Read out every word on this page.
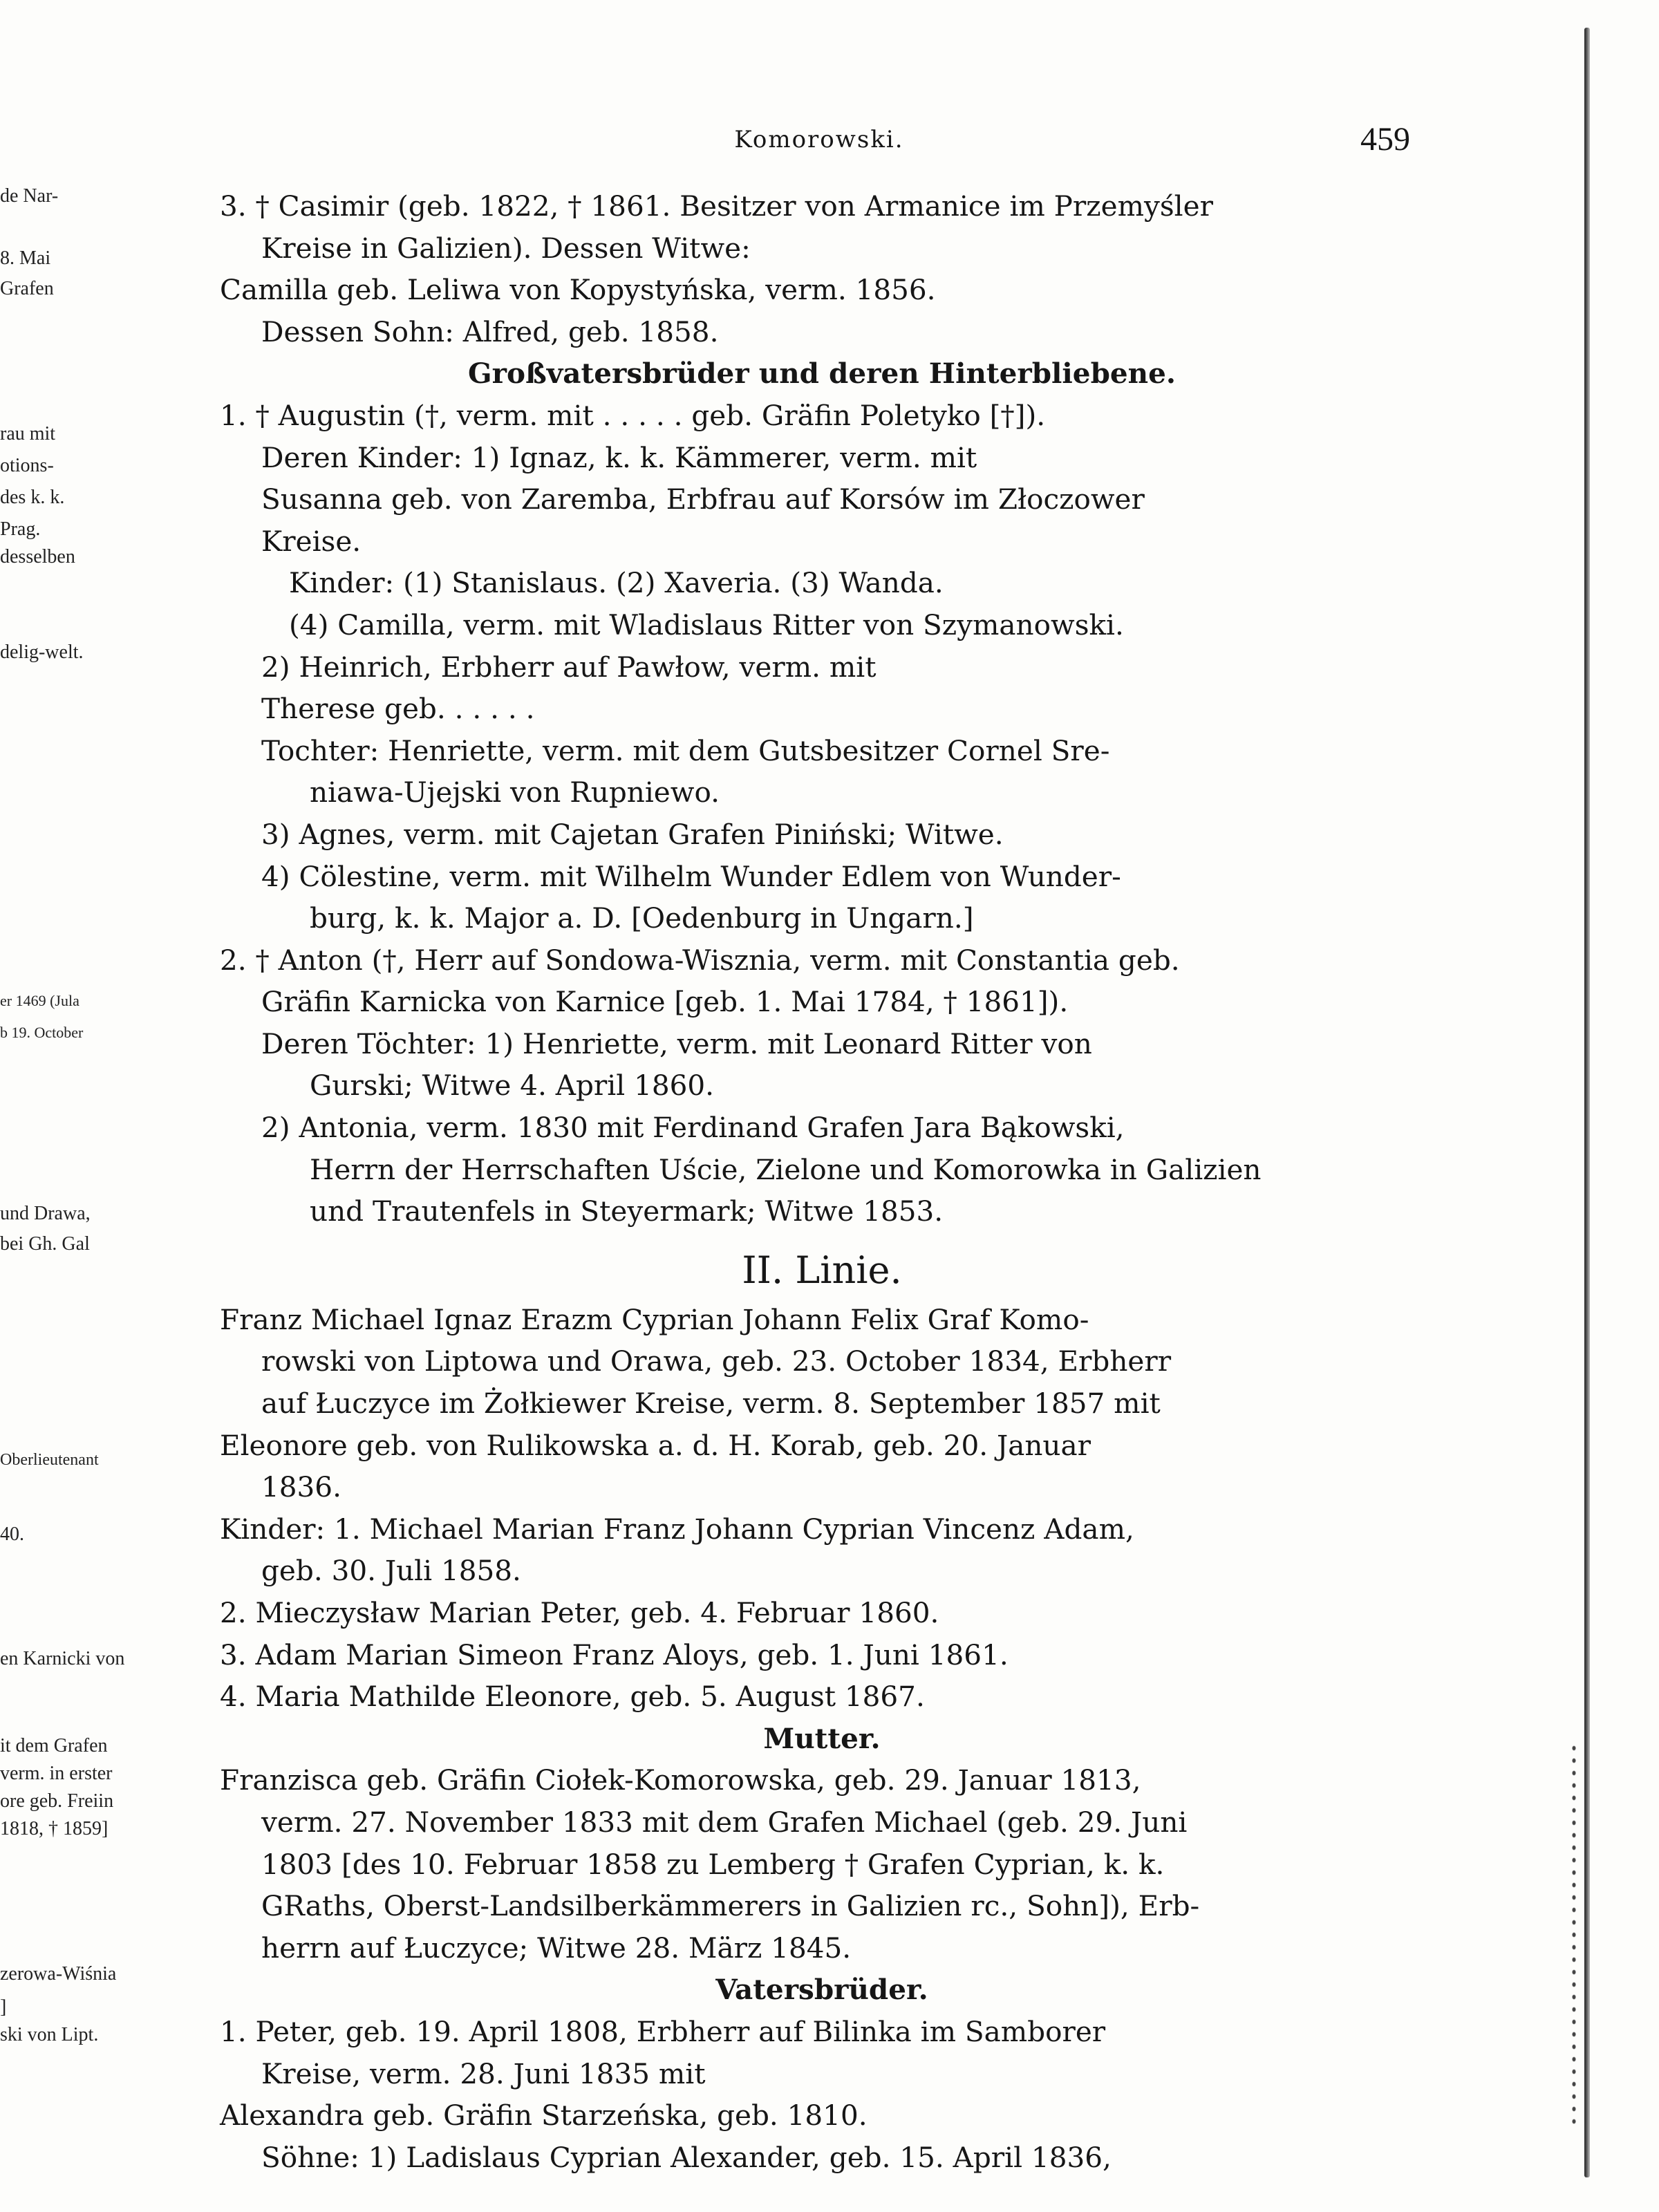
de Nar-
8. Mai
Grafen
rau mit
otions-
des k. k.
Prag.
desselben
delig-welt.
er 1469 (Jula
b 19. October
und Drawa,
bei Gh. Gal
Oberlieutenant
40.
en Karnicki von
it dem Grafen
verm. in erster
ore geb. Freiin
1818, † 1859]
zerowa-Wiśnia
]
ski von Lipt.
Komorowski.	459
3. † Casimir (geb. 1822, † 1861. Besitzer von Armanice im Przemyśler
Kreise in Galizien). Dessen Witwe:
Camilla geb. Leliwa von Kopystyńska, verm. 1856.
Dessen Sohn: Alfred, geb. 1858.
Großvatersbrüder und deren Hinterbliebene.
1. † Augustin (†, verm. mit . . . . . geb. Gräfin Poletyko [†]).
Deren Kinder: 1) Ignaz, k. k. Kämmerer, verm. mit
Susanna geb. von Zaremba, Erbfrau auf Korsów im Złoczower
Kreise.
Kinder: (1) Stanislaus. (2) Xaveria. (3) Wanda.
(4) Camilla, verm. mit Wladislaus Ritter von Szymanowski.
2) Heinrich, Erbherr auf Pawłow, verm. mit
Therese geb. . . . . .
Tochter: Henriette, verm. mit dem Gutsbesitzer Cornel Sre-
niawa-Ujejski von Rupniewo.
3) Agnes, verm. mit Cajetan Grafen Piniński; Witwe.
4) Cölestine, verm. mit Wilhelm Wunder Edlem von Wunder-
burg, k. k. Major a. D. [Oedenburg in Ungarn.]
2. † Anton (†, Herr auf Sondowa-Wisznia, verm. mit Constantia geb.
Gräfin Karnicka von Karnice [geb. 1. Mai 1784, † 1861]).
Deren Töchter: 1) Henriette, verm. mit Leonard Ritter von
Gurski; Witwe 4. April 1860.
2) Antonia, verm. 1830 mit Ferdinand Grafen Jara Bąkowski,
Herrn der Herrschaften Uście, Zielone und Komorowka in Galizien
und Trautenfels in Steyermark; Witwe 1853.
II. Linie.
Franz Michael Ignaz Erazm Cyprian Johann Felix Graf Komo-
rowski von Liptowa und Orawa, geb. 23. October 1834, Erbherr
auf Łuczyce im Żołkiewer Kreise, verm. 8. September 1857 mit
Eleonore geb. von Rulikowska a. d. H. Korab, geb. 20. Januar
1836.
Kinder: 1. Michael Marian Franz Johann Cyprian Vincenz Adam,
geb. 30. Juli 1858.
2. Mieczysław Marian Peter, geb. 4. Februar 1860.
3. Adam Marian Simeon Franz Aloys, geb. 1. Juni 1861.
4. Maria Mathilde Eleonore, geb. 5. August 1867.
Mutter.
Franzisca geb. Gräfin Ciołek-Komorowska, geb. 29. Januar 1813,
verm. 27. November 1833 mit dem Grafen Michael (geb. 29. Juni
1803 [des 10. Februar 1858 zu Lemberg † Grafen Cyprian, k. k.
GRaths, Oberst-Landsilberkämmerers in Galizien rc., Sohn]), Erb-
herrn auf Łuczyce; Witwe 28. März 1845.
Vatersbrüder.
1. Peter, geb. 19. April 1808, Erbherr auf Bilinka im Samborer
Kreise, verm. 28. Juni 1835 mit
Alexandra geb. Gräfin Starzeńska, geb. 1810.
Söhne: 1) Ladislaus Cyprian Alexander, geb. 15. April 1836,
